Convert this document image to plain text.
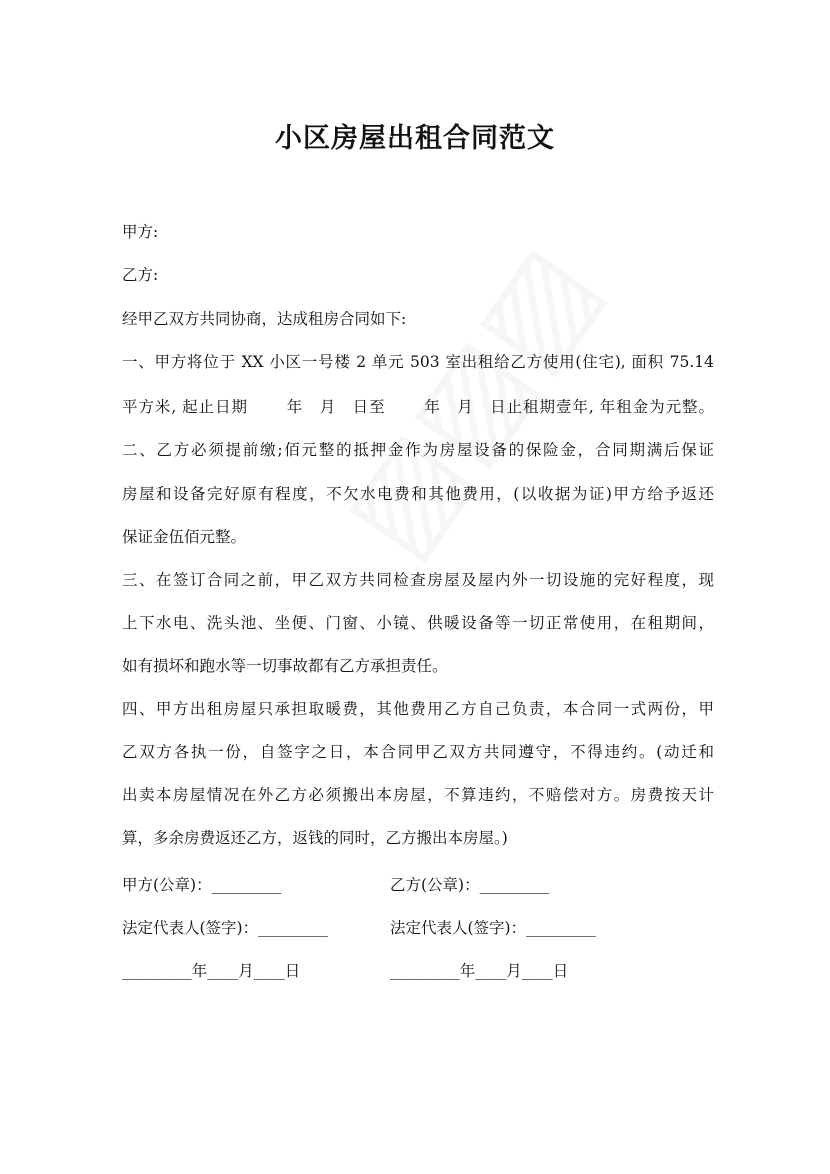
小区房屋出租合同范文
甲方:
乙方:
经甲乙双方共同协商，达成租房合同如下:
一、甲方将位于 XX 小区一号楼 2 单元 503 室出租给乙方使用(住宅), 面积 75.14
平方米, 起止日期　　 年　月　日至　　 年　月　日止租期壹年, 年租金为元整。
二、乙方必须提前缴;佰元整的抵押金作为房屋设备的保险金，合同期满后保证
房屋和设备完好原有程度，不欠水电费和其他费用，(以收据为证)甲方给予返还
保证金伍佰元整。
三、在签订合同之前，甲乙双方共同检查房屋及屋内外一切设施的完好程度，现
上下水电、洗头池、坐便、门窗、小镜、供暖设备等一切正常使用，在租期间，
如有损坏和跑水等一切事故都有乙方承担责任。
四、甲方出租房屋只承担取暖费，其他费用乙方自己负责，本合同一式两份，甲
乙双方各执一份，自签字之日，本合同甲乙双方共同遵守，不得违约。(动迁和
出卖本房屋情况在外乙方必须搬出本房屋，不算违约，不赔偿对方。房费按天计
算，多余房费返还乙方，返钱的同时，乙方搬出本房屋。)
甲方(公章)：_________	乙方(公章)：_________
法定代表人(签字)：_________	法定代表人(签字)：_________
_________年____月____日	_________年____月____日
